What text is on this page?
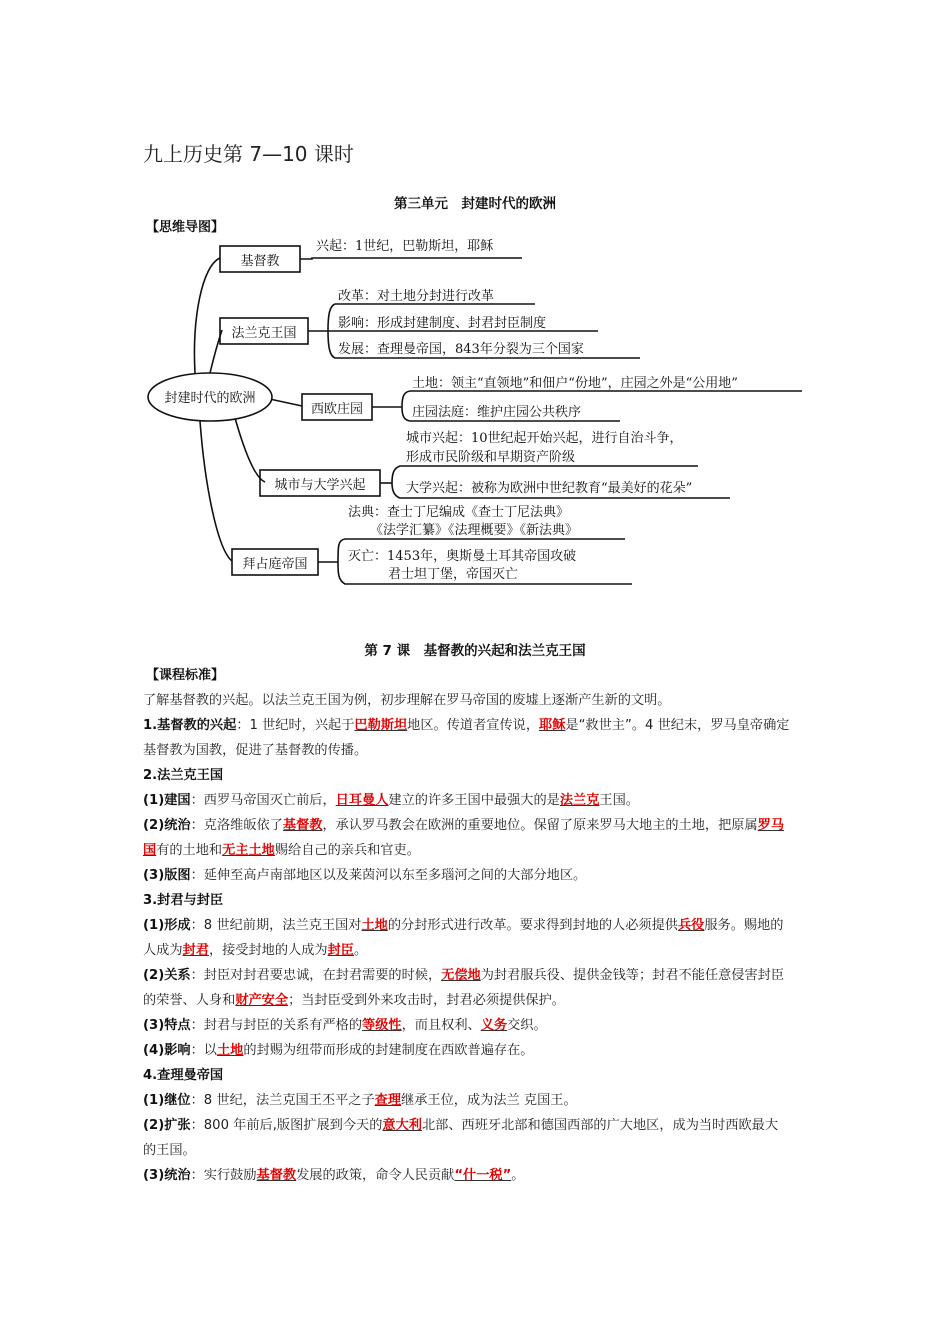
九上历史第 7—10 课时
第三单元　封建时代的欧洲
【思维导图】
封建时代的欧洲
基督教
法兰克王国
西欧庄园
城市与大学兴起
拜占庭帝国
兴起：1世纪，巴勒斯坦，耶稣
改革：对土地分封进行改革
影响：形成封建制度、封君封臣制度
发展：查理曼帝国，843年分裂为三个国家
土地：领主“直领地”和佃户“份地”，庄园之外是“公用地”
庄园法庭：维护庄园公共秩序
城市兴起：10世纪起开始兴起，进行自治斗争，
形成市民阶级和早期资产阶级
大学兴起：被称为欧洲中世纪教育“最美好的花朵”
法典：查士丁尼编成《查士丁尼法典》
《法学汇纂》《法理概要》《新法典》
灭亡：1453年，奥斯曼土耳其帝国攻破
君士坦丁堡，帝国灭亡
第 7 课　基督教的兴起和法兰克王国
【课程标准】
了解基督教的兴起。以法兰克王国为例，初步理解在罗马帝国的废墟上逐渐产生新的文明。
1.基督教的兴起：1 世纪时，兴起于巴勒斯坦地区。传道者宣传说，耶稣是“救世主”。4 世纪末，罗马皇帝确定
基督教为国教，促进了基督教的传播。
2.法兰克王国
(1)建国：西罗马帝国灭亡前后，日耳曼人建立的许多王国中最强大的是法兰克王国。
(2)统治：克洛维皈依了基督教，承认罗马教会在欧洲的重要地位。保留了原来罗马大地主的土地，把原属罗马
国有的土地和无主土地赐给自己的亲兵和官吏。
(3)版图：延伸至高卢南部地区以及莱茵河以东至多瑙河之间的大部分地区。
3.封君与封臣
(1)形成：8 世纪前期，法兰克王国对土地的分封形式进行改革。要求得到封地的人必须提供兵役服务。赐地的
人成为封君，接受封地的人成为封臣。
(2)关系：封臣对封君要忠诚，在封君需要的时候，无偿地为封君服兵役、提供金钱等；封君不能任意侵害封臣
的荣誉、人身和财产安全；当封臣受到外来攻击时，封君必须提供保护。
(3)特点：封君与封臣的关系有严格的等级性，而且权利、义务交织。
(4)影响：以土地的封赐为纽带而形成的封建制度在西欧普遍存在。
4.查理曼帝国
(1)继位：8 世纪，法兰克国王丕平之子查理继承王位，成为法兰 克国王。
(2)扩张：800 年前后,版图扩展到今天的意大利北部、西班牙北部和德国西部的广大地区，成为当时西欧最大
的王国。
(3)统治：实行鼓励基督教发展的政策，命令人民贡献“什一税”。
